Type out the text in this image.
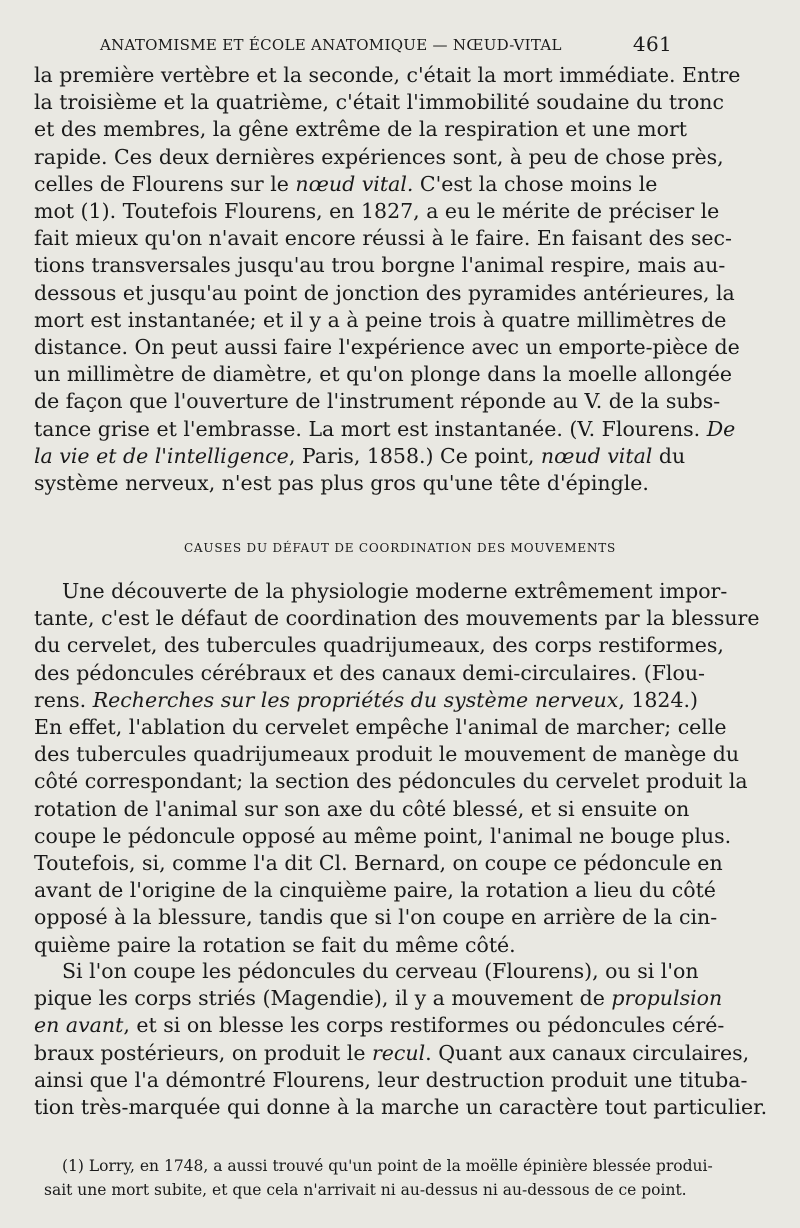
ANATOMISME ET ÉCOLE ANATOMIQUE — NŒUD-VITAL	461
la première vertèbre et la seconde, c'était la mort immédiate. Entre
la troisième et la quatrième, c'était l'immobilité soudaine du tronc
et des membres, la gêne extrême de la respiration et une mort
rapide. Ces deux dernières expériences sont, à peu de chose près,
celles de Flourens sur le nœud vital. C'est la chose moins le
mot (1). Toutefois Flourens, en 1827, a eu le mérite de préciser le
fait mieux qu'on n'avait encore réussi à le faire. En faisant des sec-
tions transversales jusqu'au trou borgne l'animal respire, mais au-
dessous et jusqu'au point de jonction des pyramides antérieures, la
mort est instantanée; et il y a à peine trois à quatre millimètres de
distance. On peut aussi faire l'expérience avec un emporte-pièce de
un millimètre de diamètre, et qu'on plonge dans la moelle allongée
de façon que l'ouverture de l'instrument réponde au V. de la subs-
tance grise et l'embrasse. La mort est instantanée. (V. Flourens. De
la vie et de l'intelligence, Paris, 1858.) Ce point, nœud vital du
système nerveux, n'est pas plus gros qu'une tête d'épingle.
CAUSES DU DÉFAUT DE COORDINATION DES MOUVEMENTS
Une découverte de la physiologie moderne extrêmement impor-
tante, c'est le défaut de coordination des mouvements par la blessure
du cervelet, des tubercules quadrijumeaux, des corps restiformes,
des pédoncules cérébraux et des canaux demi-circulaires. (Flou-
rens. Recherches sur les propriétés du système nerveux, 1824.)
En effet, l'ablation du cervelet empêche l'animal de marcher; celle
des tubercules quadrijumeaux produit le mouvement de manège du
côté correspondant; la section des pédoncules du cervelet produit la
rotation de l'animal sur son axe du côté blessé, et si ensuite on
coupe le pédoncule opposé au même point, l'animal ne bouge plus.
Toutefois, si, comme l'a dit Cl. Bernard, on coupe ce pédoncule en
avant de l'origine de la cinquième paire, la rotation a lieu du côté
opposé à la blessure, tandis que si l'on coupe en arrière de la cin-
quième paire la rotation se fait du même côté.
Si l'on coupe les pédoncules du cerveau (Flourens), ou si l'on
pique les corps striés (Magendie), il y a mouvement de propulsion
en avant, et si on blesse les corps restiformes ou pédoncules céré-
braux postérieurs, on produit le recul. Quant aux canaux circulaires,
ainsi que l'a démontré Flourens, leur destruction produit une tituba-
tion très-marquée qui donne à la marche un caractère tout particulier.
(1) Lorry, en 1748, a aussi trouvé qu'un point de la moëlle épinière blessée produi-
sait une mort subite, et que cela n'arrivait ni au-dessus ni au-dessous de ce point.
